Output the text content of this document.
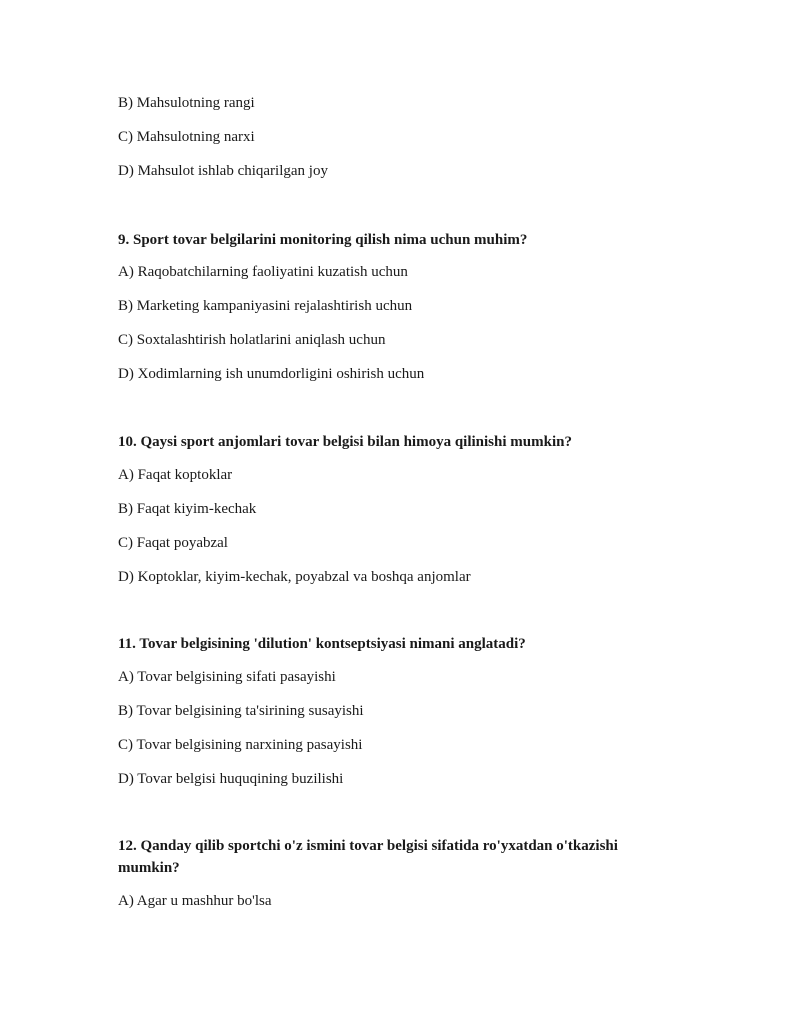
B) Mahsulotning rangi
C) Mahsulotning narxi
D) Mahsulot ishlab chiqarilgan joy
9. Sport tovar belgilarini monitoring qilish nima uchun muhim?
A) Raqobatchilarning faoliyatini kuzatish uchun
B) Marketing kampaniyasini rejalashtirish uchun
C) Soxtalashtirish holatlarini aniqlash uchun
D) Xodimlarning ish unumdorligini oshirish uchun
10. Qaysi sport anjomlari tovar belgisi bilan himoya qilinishi mumkin?
A) Faqat koptoklar
B) Faqat kiyim-kechak
C) Faqat poyabzal
D) Koptoklar, kiyim-kechak, poyabzal va boshqa anjomlar
11. Tovar belgisining 'dilution' kontseptsiyasi nimani anglatadi?
A) Tovar belgisining sifati pasayishi
B) Tovar belgisining ta'sirining susayishi
C) Tovar belgisining narxining pasayishi
D) Tovar belgisi huquqining buzilishi
12. Qanday qilib sportchi o'z ismini tovar belgisi sifatida ro'yxatdan o'tkazishi mumkin?
A) Agar u mashhur bo'lsa
